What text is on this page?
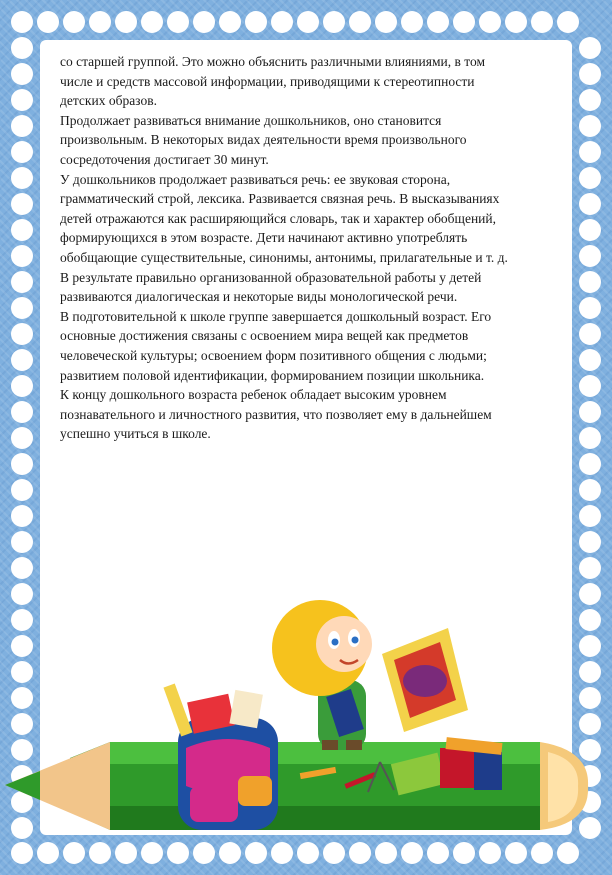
со старшей группой. Это можно объяснить различными влияниями, в том
числе и средств массовой информации, приводящими к стереотипности
детских образов.

Продолжает развиваться внимание дошкольников, оно становится
произвольным. В некоторых видах деятельности время произвольного
сосредоточения достигает 30 минут.

У дошкольников продолжает развиваться речь: ее звуковая сторона,
грамматический строй, лексика. Развивается связная речь. В высказываниях
детей отражаются как расширяющийся словарь, так и характер обобщений,
формирующихся в этом возрасте. Дети начинают активно употреблять
обобщающие существительные, синонимы, антонимы, прилагательные и т. д.

В результате правильно организованной образовательной работы у детей
развиваются диалогическая и некоторые виды монологической речи.

В подготовительной к школе группе завершается дошкольный возраст. Его
основные достижения связаны с освоением мира вещей как предметов
человеческой культуры; освоением форм позитивного общения с людьми;
развитием половой идентификации, формированием позиции школьника.

К концу дошкольного возраста ребенок обладает высоким уровнем
познавательного и личностного развития, что позволяет ему в дальнейшем
успешно учиться в школе.
